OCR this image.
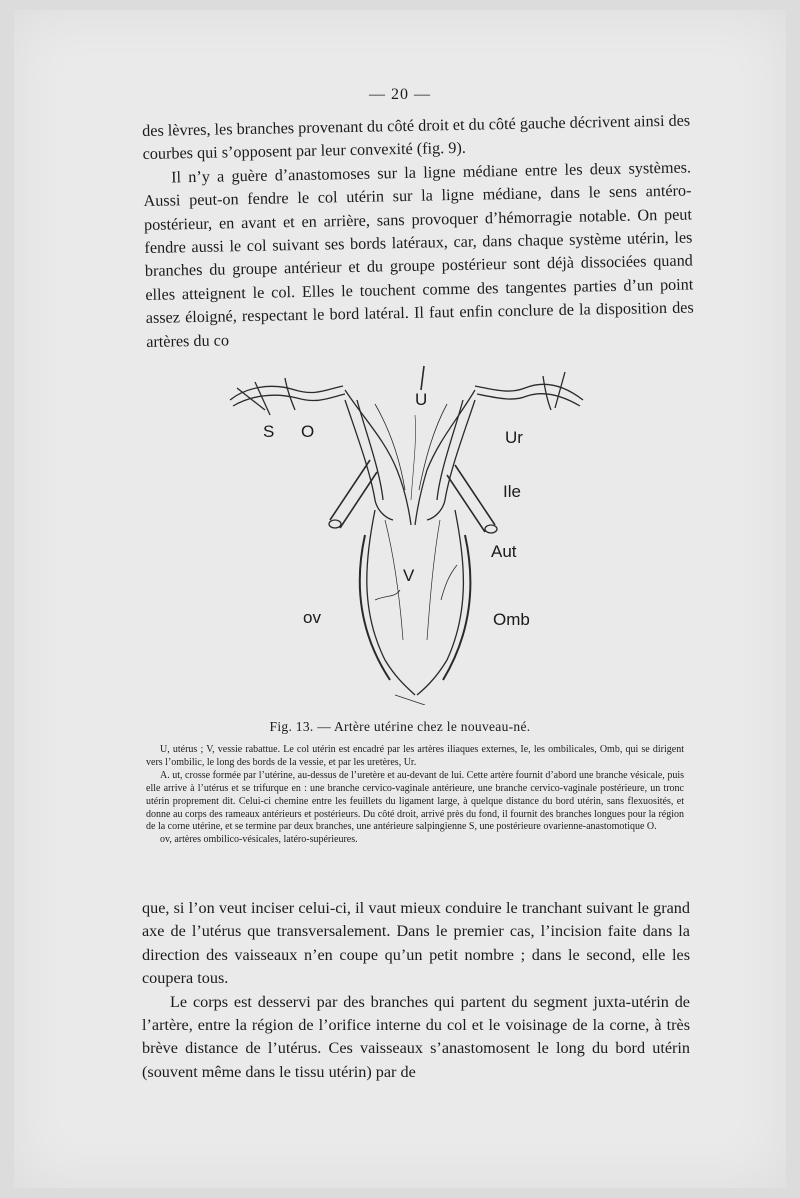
— 20 —

des lèvres, les branches provenant du côté droit et du côté gauche décrivent ainsi des courbes qui s’opposent par leur convexité (fig. 9).

Il n’y a guère d’anastomoses sur la ligne médiane entre les deux systèmes. Aussi peut-on fendre le col utérin sur la ligne médiane, dans le sens antéro-postérieur, en avant et en arrière, sans provoquer d’hémorragie notable. On peut fendre aussi le col suivant ses bords latéraux, car, dans chaque système utérin, les branches du groupe antérieur et du groupe postérieur sont déjà dissociées quand elles atteignent le col. Elles le touchent comme des tangentes parties d’un point assez éloigné, respectant le bord latéral. Il faut enfin conclure de la disposition des artères du co

U
S O	Ur
Ile
Aut
V
ov	Omb
Fig. 13. — Artère utérine chez le nouveau-né.

U, utérus ; V, vessie rabattue. Le col utérin est encadré par les artères iliaques externes, Ie, les ombilicales, Omb, qui se dirigent vers l’ombilic, le long des bords de la vessie, et par les uretères, Ur.

A. ut, crosse formée par l’utérine, au-dessus de l’uretère et au-devant de lui. Cette artère fournit d’abord une branche vésicale, puis elle arrive à l’utérus et se trifurque en : une branche cervico-vaginale antérieure, une branche cervico-vaginale postérieure, un tronc utérin proprement dit. Celui-ci chemine entre les feuillets du ligament large, à quelque distance du bord utérin, sans flexuosités, et donne au corps des rameaux antérieurs et postérieurs. Du côté droit, arrivé près du fond, il fournit des branches longues pour la région de la corne utérine, et se termine par deux branches, une antérieure salpingienne S, une postérieure ovarienne-anastomotique O.

ov, artères ombilico-vésicales, latéro-supérieures.

que, si l’on veut inciser celui-ci, il vaut mieux conduire le tranchant suivant le grand axe de l’utérus que transversalement. Dans le premier cas, l’incision faite dans la direction des vaisseaux n’en coupe qu’un petit nombre ; dans le second, elle les coupera tous.

Le corps est desservi par des branches qui partent du segment juxta-utérin de l’artère, entre la région de l’orifice interne du col et le voisinage de la corne, à très brève distance de l’utérus. Ces vaisseaux s’anastomosent le long du bord utérin (souvent même dans le tissu utérin) par de
